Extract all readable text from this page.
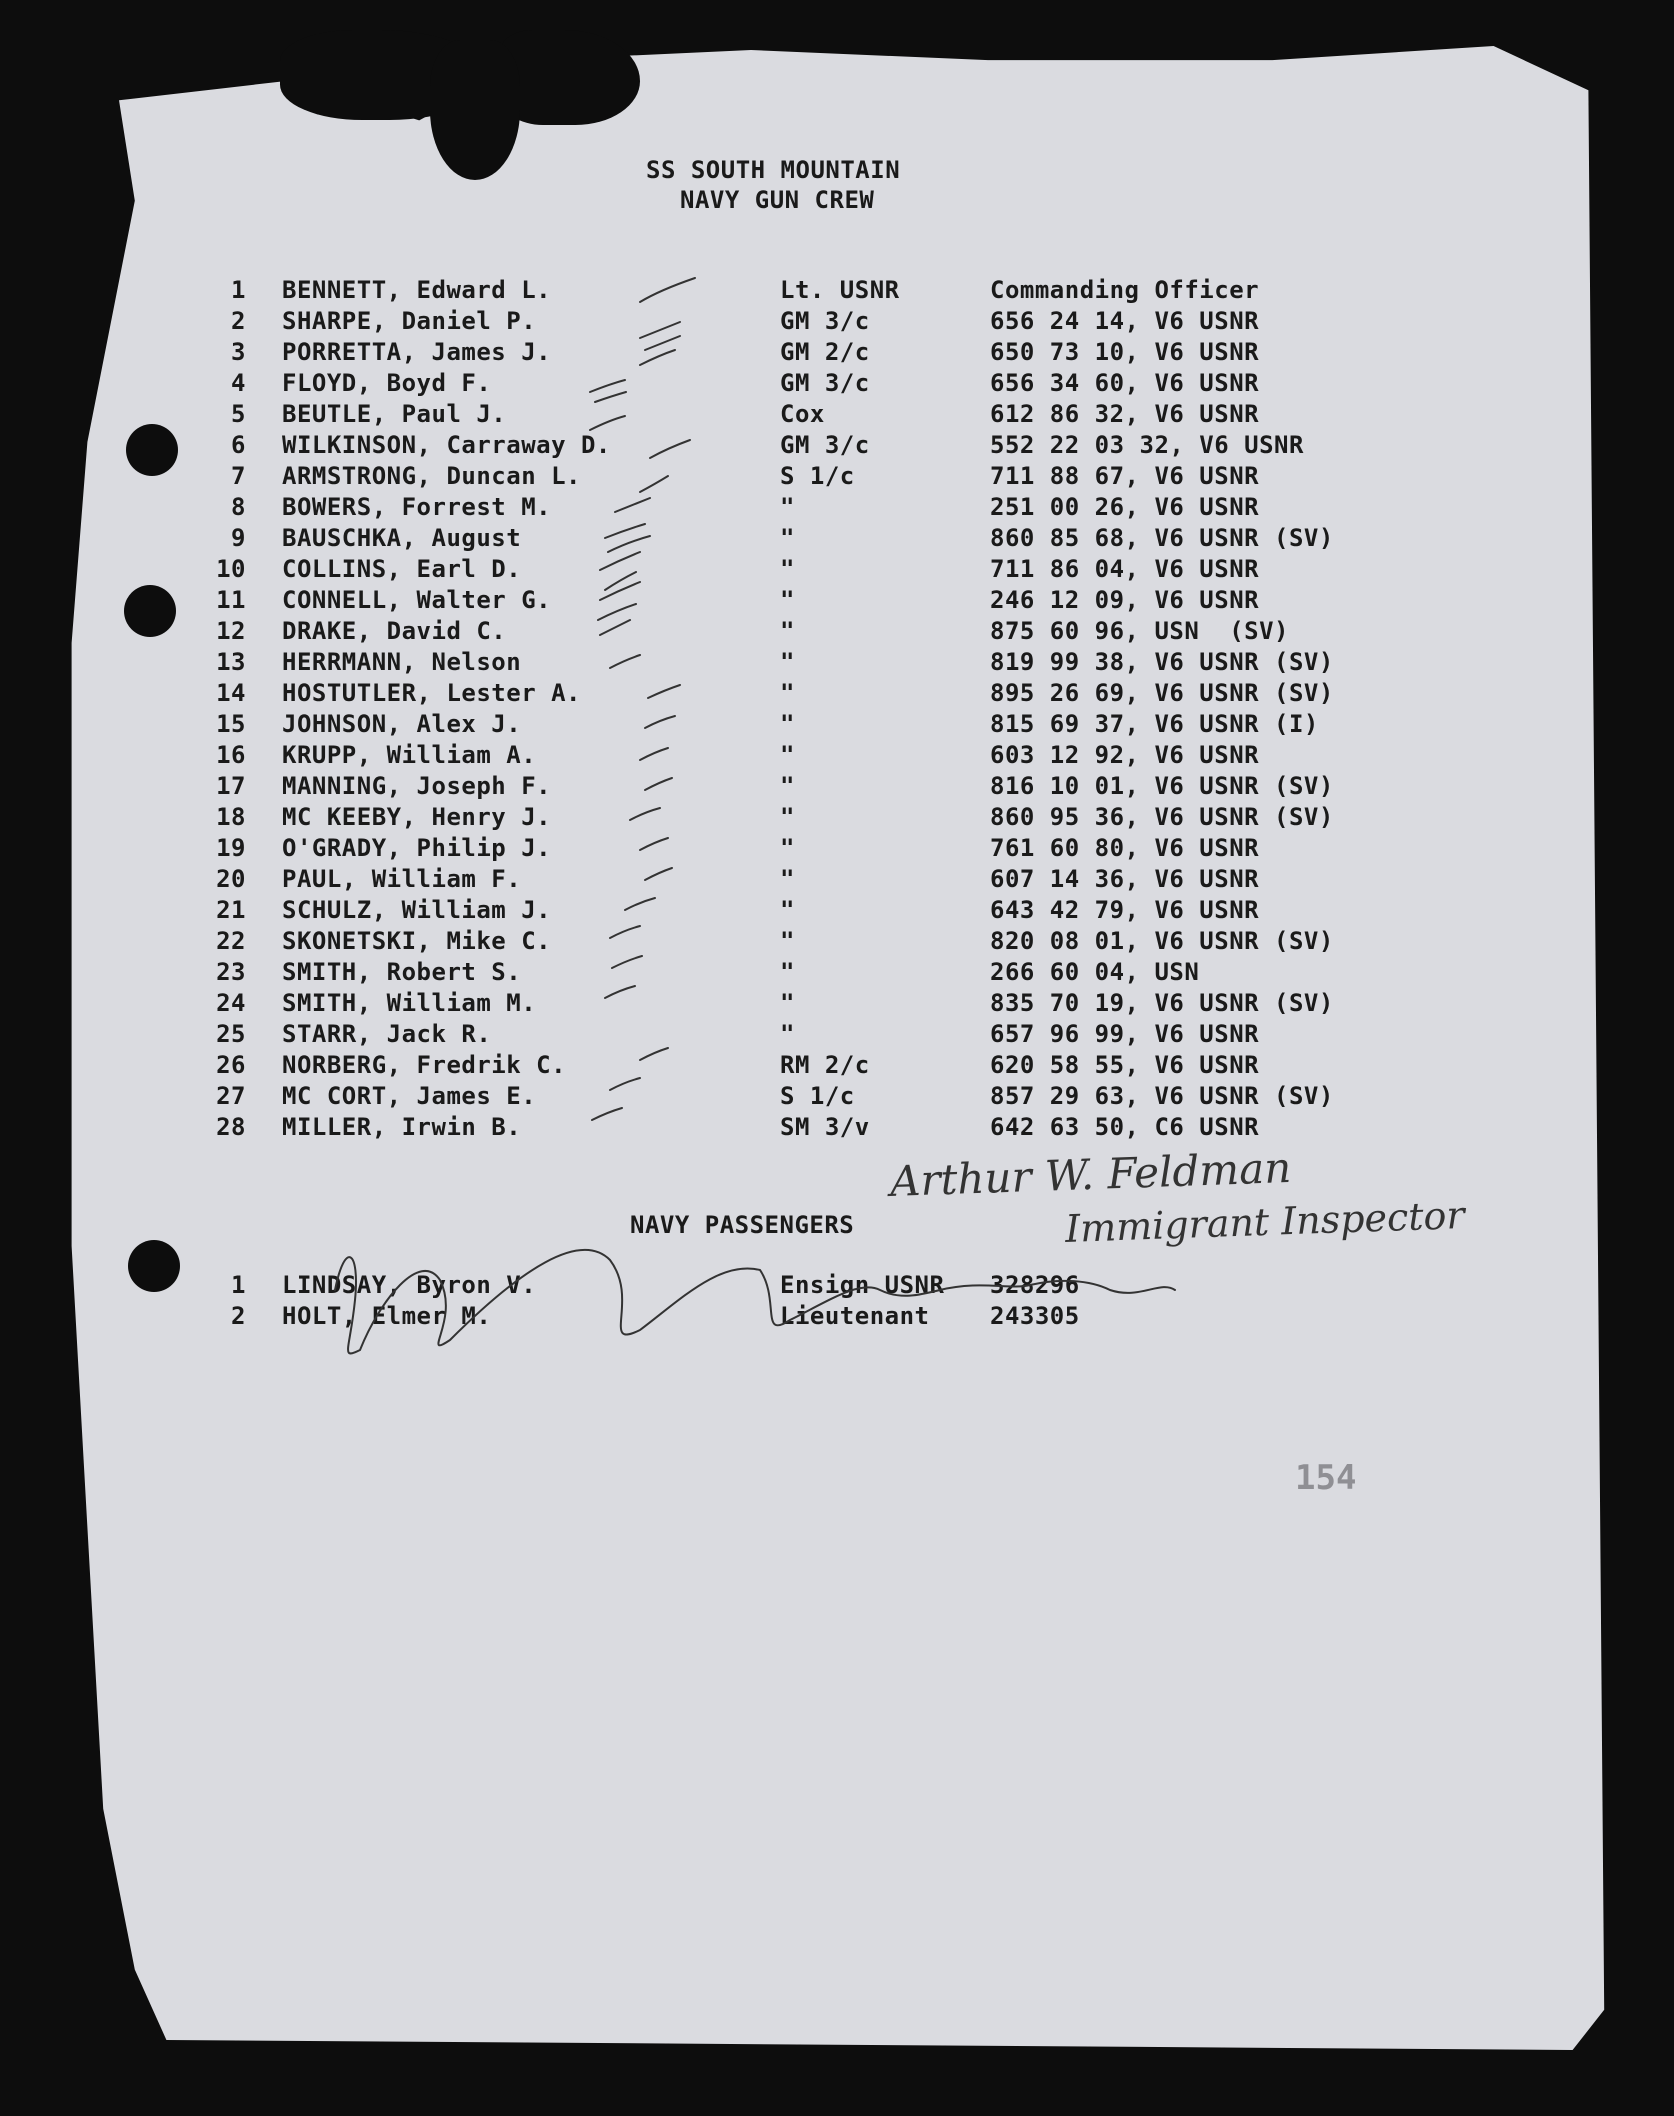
SS SOUTH MOUNTAIN
NAVY GUN CREW
1 BENNETT, Edward L.	Lt. USNR	Commanding Officer
2 SHARPE, Daniel P.	GM 3/c	656 24 14, V6 USNR
3 PORRETTA, James J.	GM 2/c	650 73 10, V6 USNR
4 FLOYD, Boyd F.	GM 3/c	656 34 60, V6 USNR
5 BEUTLE, Paul J.	Cox	612 86 32, V6 USNR
6 WILKINSON, Carraway D.	GM 3/c	552 22 03 32, V6 USNR
7 ARMSTRONG, Duncan L.	S 1/c	711 88 67, V6 USNR
8 BOWERS, Forrest M.	"	251 00 26, V6 USNR
9 BAUSCHKA, August	"	860 85 68, V6 USNR (SV)
10 COLLINS, Earl D.	"	711 86 04, V6 USNR
11 CONNELL, Walter G.	"	246 12 09, V6 USNR
12 DRAKE, David C.	"	875 60 96, USN  (SV)
13 HERRMANN, Nelson	"	819 99 38, V6 USNR (SV)
14 HOSTUTLER, Lester A.	"	895 26 69, V6 USNR (SV)
15 JOHNSON, Alex J.	"	815 69 37, V6 USNR (I)
16 KRUPP, William A.	"	603 12 92, V6 USNR
17 MANNING, Joseph F.	"	816 10 01, V6 USNR (SV)
18 MC KEEBY, Henry J.	"	860 95 36, V6 USNR (SV)
19 O'GRADY, Philip J.	"	761 60 80, V6 USNR
20 PAUL, William F.	"	607 14 36, V6 USNR
21 SCHULZ, William J.	"	643 42 79, V6 USNR
22 SKONETSKI, Mike C.	"	820 08 01, V6 USNR (SV)
23 SMITH, Robert S.	"	266 60 04, USN
24 SMITH, William M.	"	835 70 19, V6 USNR (SV)
25 STARR, Jack R.	"	657 96 99, V6 USNR
26 NORBERG, Fredrik C.	RM 2/c	620 58 55, V6 USNR
27 MC CORT, James E.	S 1/c	857 29 63, V6 USNR (SV)
28 MILLER, Irwin B.	SM 3/v	642 63 50, C6 USNR
NAVY PASSENGERS
1 LINDSAY, Byron V.	Ensign USNR 328296
2 HOLT, Elmer M.	Lieutenant	243305
Arthur W. Feldman
Immigrant Inspector
154
